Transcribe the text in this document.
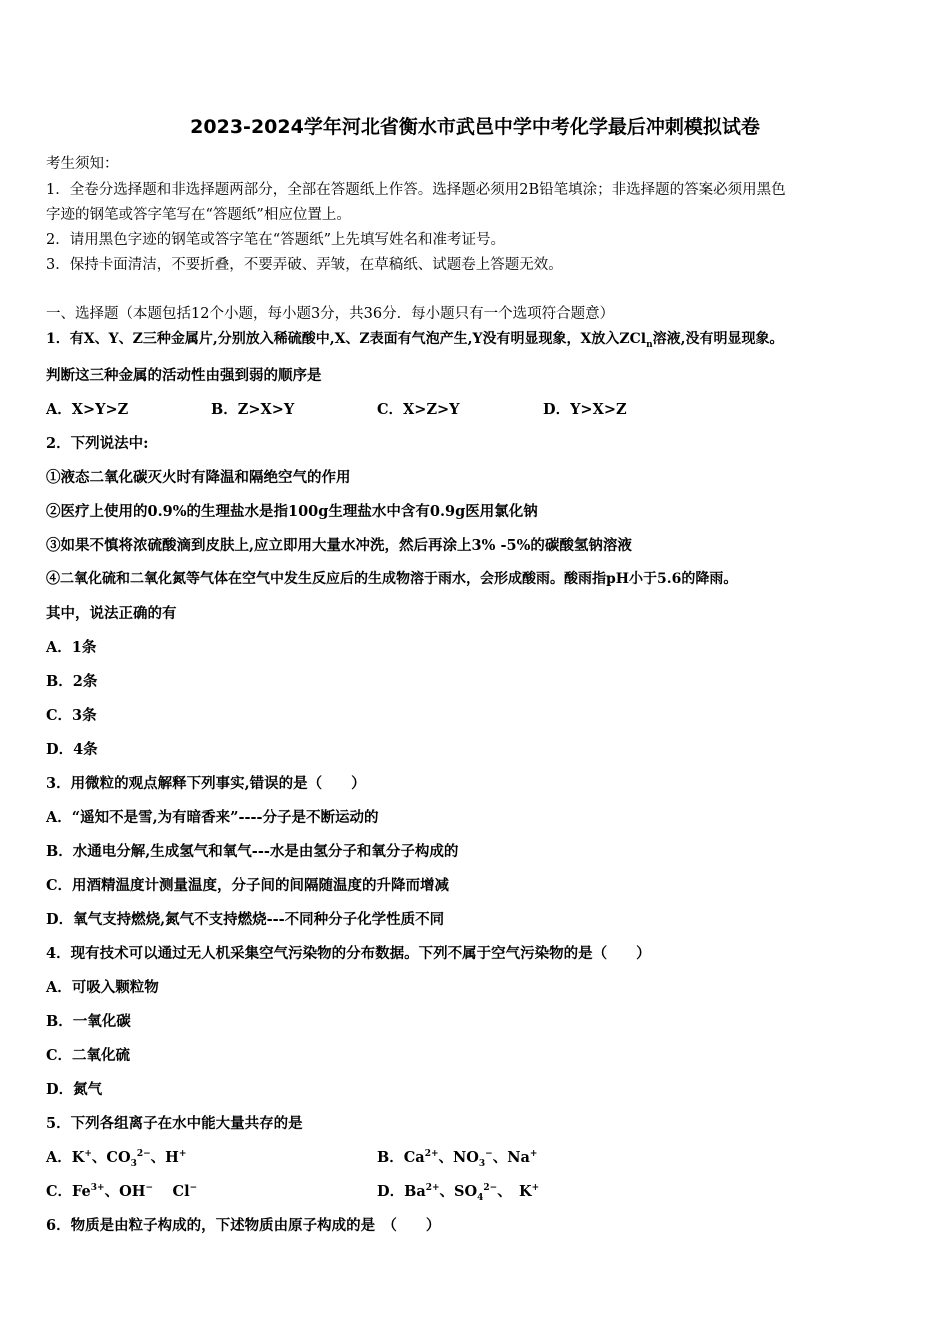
2023-2024学年河北省衡水市武邑中学中考化学最后冲刺模拟试卷
考生须知：
1．全卷分选择题和非选择题两部分，全部在答题纸上作答。选择题必须用2B铅笔填涂；非选择题的答案必须用黑色
字迹的钢笔或答字笔写在“答题纸”相应位置上。
2．请用黑色字迹的钢笔或答字笔在“答题纸”上先填写姓名和准考证号。
3．保持卡面清洁，不要折叠，不要弄破、弄皱，在草稿纸、试题卷上答题无效。
一、选择题（本题包括12个小题，每小题3分，共36分．每小题只有一个选项符合题意）
1．有X、Y、Z三种金属片,分别放入稀硫酸中,X、Z表面有气泡产生,Y没有明显现象，X放入ZCl$_n$溶液,没有明显现象。
判断这三种金属的活动性由强到弱的顺序是
A．X>Y>Z	B．Z>X>Y	C．X>Z>Y	D．Y>X>Z
2．下列说法中:
①液态二氧化碳灭火时有降温和隔绝空气的作用
②医疗上使用的0.9%的生理盐水是指100g生理盐水中含有0.9g医用氯化钠
③如果不慎将浓硫酸滴到皮肤上,应立即用大量水冲洗，然后再涂上3% -5%的碳酸氢钠溶液
④二氧化硫和二氧化氮等气体在空气中发生反应后的生成物溶于雨水，会形成酸雨。酸雨指pH小于5.6的降雨。
其中，说法正确的有
A．1条
B．2条
C．3条
D．4条
3．用微粒的观点解释下列事实,错误的是（　　）
A．“遥知不是雪,为有暗香来”----分子是不断运动的
B．水通电分解,生成氢气和氧气---水是由氢分子和氧分子构成的
C．用酒精温度计测量温度，分子间的间隔随温度的升降而增减
D．氧气支持燃烧,氮气不支持燃烧---不同种分子化学性质不同
4．现有技术可以通过无人机采集空气污染物的分布数据。下列不属于空气污染物的是（　　）
A．可吸入颗粒物
B．一氧化碳
C．二氧化硫
D．氮气
5．下列各组离子在水中能大量共存的是
A．K+、$CO_3^{2-}$、H+	B．$Ca^{2+}$、$NO_3^-$、Na+
C．$Fe^{3+}$、OH−　 Cl−	D．$Ba^{2+}$、$SO_4^{2-}$、　K+
6．物质是由粒子构成的，下述物质由原子构成的是　（　　）
